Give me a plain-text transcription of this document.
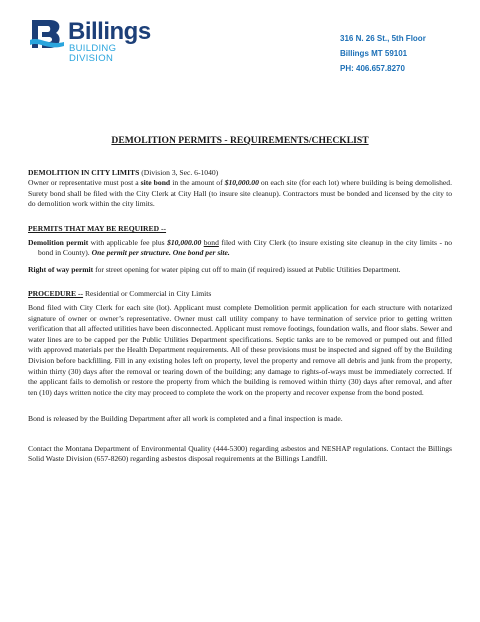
Billings
BUILDING
DIVISION
316 N. 26 St., 5th Floor
Billings MT 59101
PH: 406.657.8270
DEMOLITION PERMITS - REQUIREMENTS/CHECKLIST

DEMOLITION IN CITY LIMITS (Division 3, Sec. 6-1040)

Owner or representative must post a site bond in the amount of $10,000.00 on each site (for each lot) where building is being demolished. Surety bond shall be filed with the City Clerk at City Hall (to insure site cleanup). Contractors must be bonded and licensed by the city to do demolition work within the city limits.

PERMITS THAT MAY BE REQUIRED --

Demolition permit with applicable fee plus $10,000.00 bond filed with City Clerk (to insure existing site cleanup in the city limits - no bond in County). One permit per structure. One bond per site.

Right of way permit for street opening for water piping cut off to main (if required) issued at Public Utilities Department.

PROCEDURE -- Residential or Commercial in City Limits

Bond filed with City Clerk for each site (lot). Applicant must complete Demolition permit application for each structure with notarized signature of owner or owner’s representative. Owner must call utility company to have termination of service prior to getting written verification that all affected utilities have been disconnected. Applicant must remove footings, foundation walls, and floor slabs. Sewer and water lines are to be capped per the Public Utilities Department specifications. Septic tanks are to be removed or pumped out and filled with approved materials per the Health Department requirements. All of these provisions must be inspected and signed off by the Building Division before backfilling. Fill in any existing holes left on property, level the property and remove all debris and junk from the property, within thirty (30) days after the removal or tearing down of the building; any damage to rights-of-ways must be immediately corrected. If the applicant fails to demolish or restore the property from which the building is removed within thirty (30) days after removal, and after ten (10) days written notice the city may proceed to complete the work on the property and recover expense from the bond posted.

Bond is released by the Building Department after all work is completed and a final inspection is made.

Contact the Montana Department of Environmental Quality (444-5300) regarding asbestos and NESHAP regulations. Contact the Billings Solid Waste Division (657-8260) regarding asbestos disposal requirements at the Billings Landfill.
